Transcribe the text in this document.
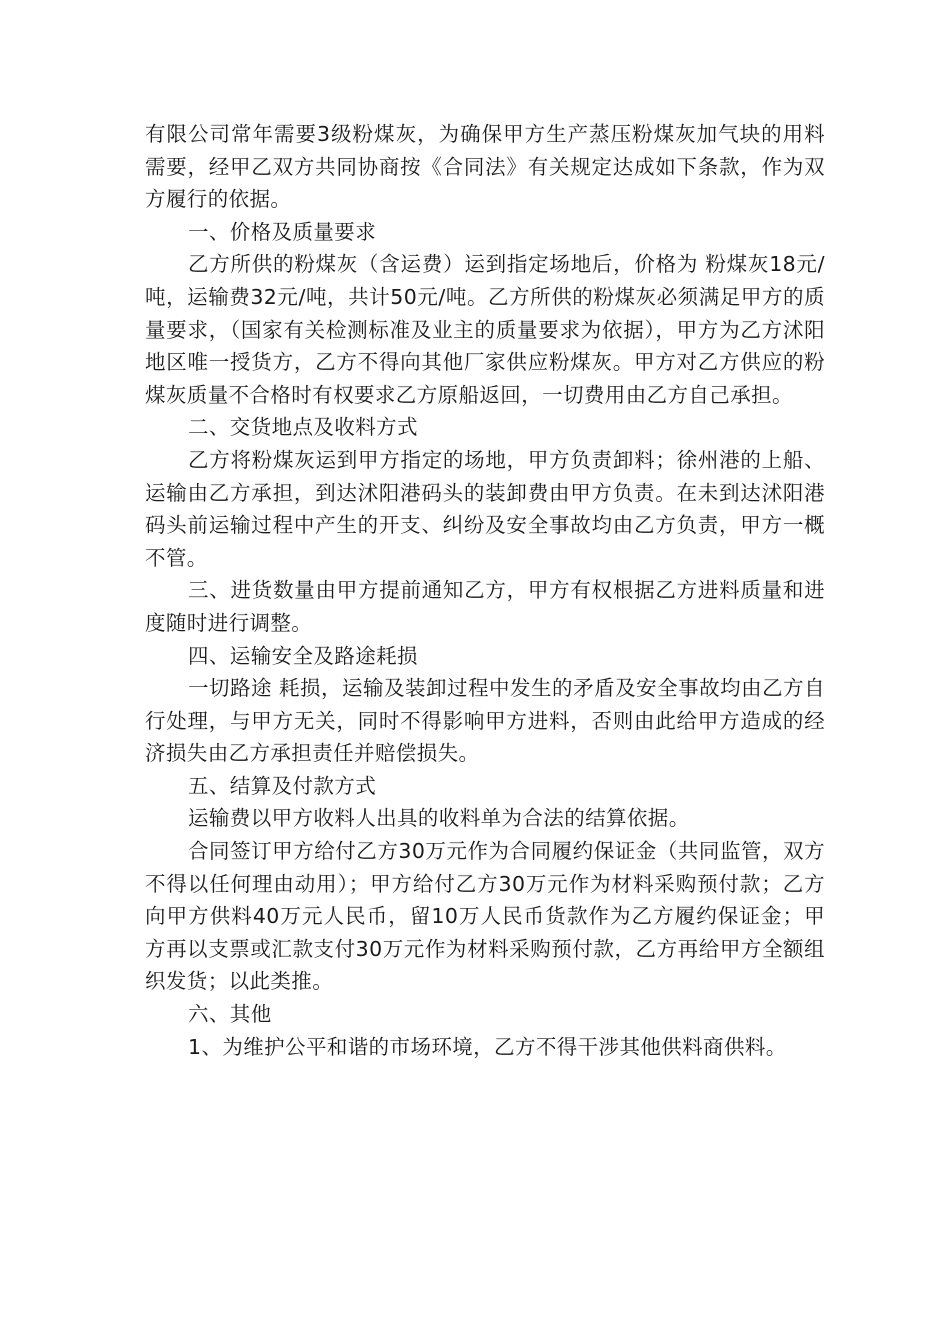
有限公司常年需要3级粉煤灰，为确保甲方生产蒸压粉煤灰加气块的用料需要，经甲乙双方共同协商按《合同法》有关规定达成如下条款，作为双方履行的依据。

一、价格及质量要求

乙方所供的粉煤灰（含运费）运到指定场地后，价格为 粉煤灰18元/吨，运输费32元/吨，共计50元/吨。乙方所供的粉煤灰必须满足甲方的质量要求，（国家有关检测标准及业主的质量要求为依据），甲方为乙方沭阳地区唯一授货方，乙方不得向其他厂家供应粉煤灰。甲方对乙方供应的粉煤灰质量不合格时有权要求乙方原船返回，一切费用由乙方自己承担。

二、交货地点及收料方式

乙方将粉煤灰运到甲方指定的场地，甲方负责卸料；徐州港的上船、运输由乙方承担，到达沭阳港码头的装卸费由甲方负责。在未到达沭阳港码头前运输过程中产生的开支、纠纷及安全事故均由乙方负责，甲方一概不管。

三、进货数量由甲方提前通知乙方，甲方有权根据乙方进料质量和进度随时进行调整。

四、运输安全及路途耗损

一切路途 耗损，运输及装卸过程中发生的矛盾及安全事故均由乙方自行处理，与甲方无关，同时不得影响甲方进料，否则由此给甲方造成的经济损失由乙方承担责任并赔偿损失。

五、结算及付款方式

运输费以甲方收料人出具的收料单为合法的结算依据。

合同签订甲方给付乙方30万元作为合同履约保证金（共同监管，双方不得以任何理由动用）；甲方给付乙方30万元作为材料采购预付款；乙方向甲方供料40万元人民币，留10万人民币货款作为乙方履约保证金；甲方再以支票或汇款支付30万元作为材料采购预付款，乙方再给甲方全额组织发货；以此类推。

六、其他

1、为维护公平和谐的市场环境，乙方不得干涉其他供料商供料。
